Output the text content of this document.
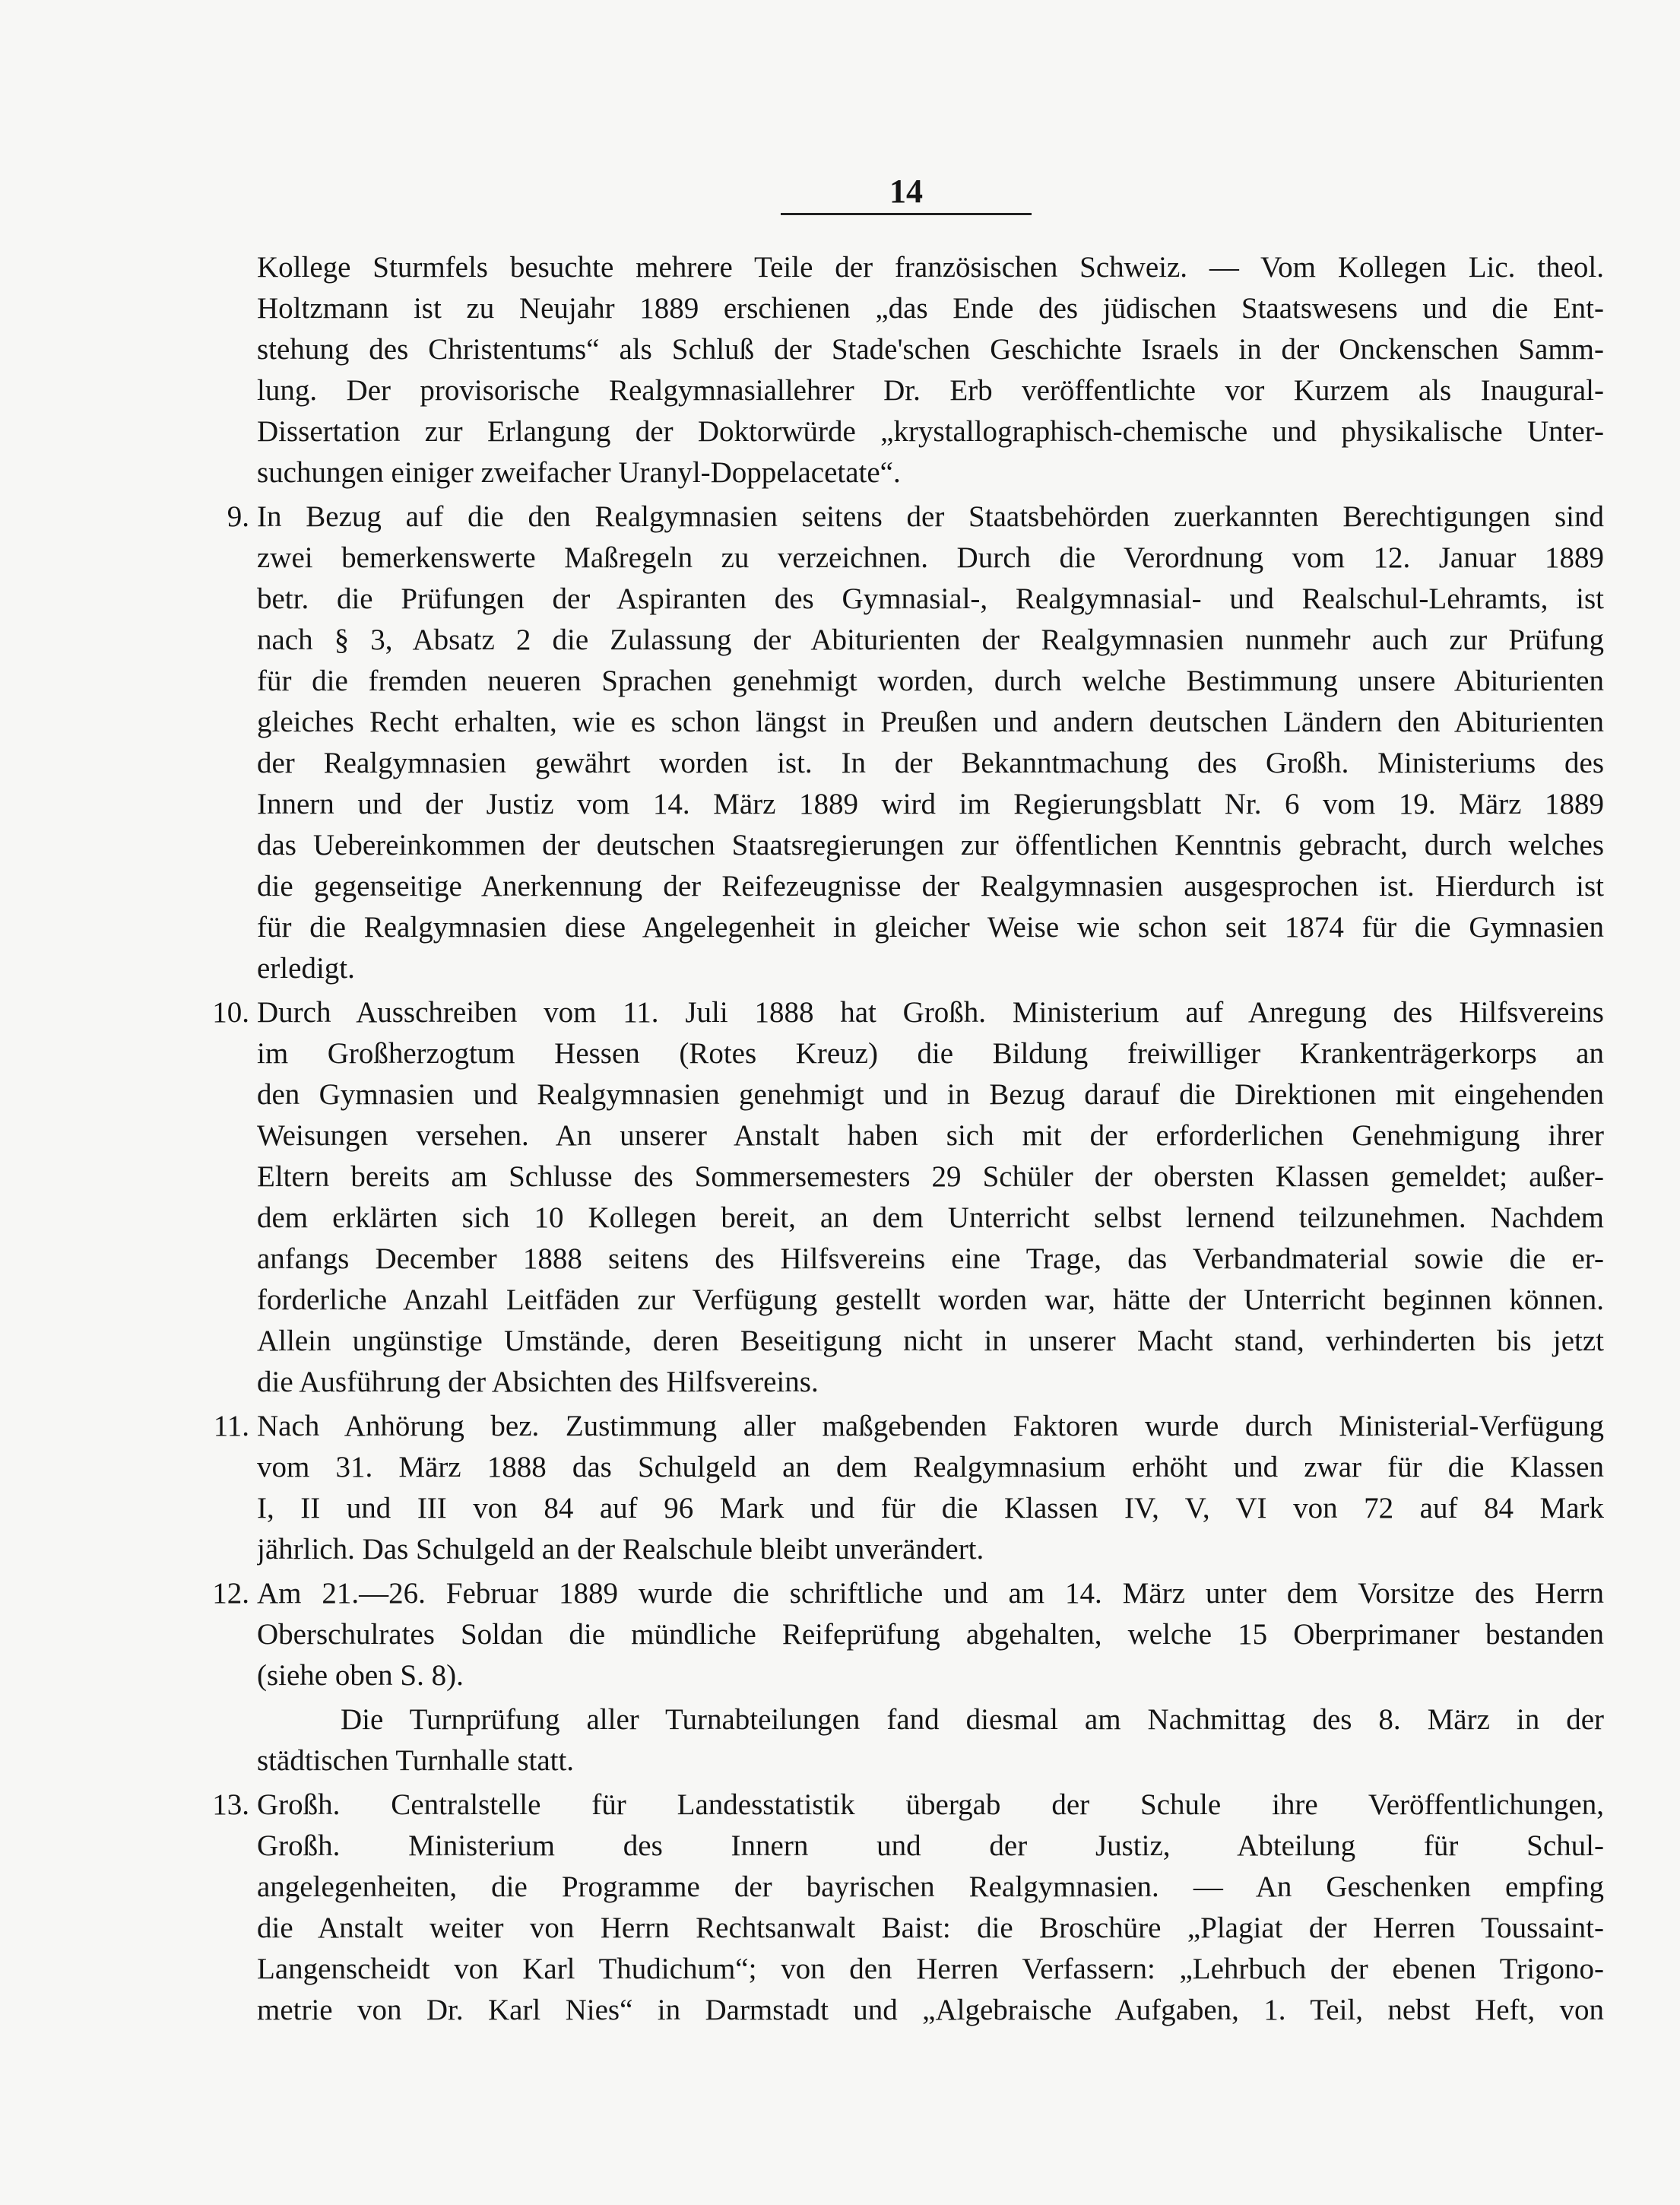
14
Kollege Sturmfels besuchte mehrere Teile der französischen Schweiz. — Vom Kollegen Lic. theol.
Holtzmann ist zu Neujahr 1889 erschienen „das Ende des jüdischen Staatswesens und die Ent-
stehung des Christentums“ als Schluß der Stade'schen Geschichte Israels in der Onckenschen Samm-
lung. Der provisorische Realgymnasiallehrer Dr. Erb veröffentlichte vor Kurzem als Inaugural-
Dissertation zur Erlangung der Doktorwürde „krystallographisch-chemische und physikalische Unter-
suchungen einiger zweifacher Uranyl-Doppelacetate“.
9. In Bezug auf die den Realgymnasien seitens der Staatsbehörden zuerkannten Berechtigungen sind
zwei bemerkenswerte Maßregeln zu verzeichnen. Durch die Verordnung vom 12. Januar 1889
betr. die Prüfungen der Aspiranten des Gymnasial-, Realgymnasial- und Realschul-Lehramts, ist
nach § 3, Absatz 2 die Zulassung der Abiturienten der Realgymnasien nunmehr auch zur Prüfung
für die fremden neueren Sprachen genehmigt worden, durch welche Bestimmung unsere Abiturienten
gleiches Recht erhalten, wie es schon längst in Preußen und andern deutschen Ländern den Abiturienten
der Realgymnasien gewährt worden ist. In der Bekanntmachung des Großh. Ministeriums des
Innern und der Justiz vom 14. März 1889 wird im Regierungsblatt Nr. 6 vom 19. März 1889
das Uebereinkommen der deutschen Staatsregierungen zur öffentlichen Kenntnis gebracht, durch welches
die gegenseitige Anerkennung der Reifezeugnisse der Realgymnasien ausgesprochen ist. Hierdurch ist
für die Realgymnasien diese Angelegenheit in gleicher Weise wie schon seit 1874 für die Gymnasien
erledigt.
10. Durch Ausschreiben vom 11. Juli 1888 hat Großh. Ministerium auf Anregung des Hilfsvereins
im Großherzogtum Hessen (Rotes Kreuz) die Bildung freiwilliger Krankenträgerkorps an
den Gymnasien und Realgymnasien genehmigt und in Bezug darauf die Direktionen mit eingehenden
Weisungen versehen. An unserer Anstalt haben sich mit der erforderlichen Genehmigung ihrer
Eltern bereits am Schlusse des Sommersemesters 29 Schüler der obersten Klassen gemeldet; außer-
dem erklärten sich 10 Kollegen bereit, an dem Unterricht selbst lernend teilzunehmen. Nachdem
anfangs December 1888 seitens des Hilfsvereins eine Trage, das Verbandmaterial sowie die er-
forderliche Anzahl Leitfäden zur Verfügung gestellt worden war, hätte der Unterricht beginnen können.
Allein ungünstige Umstände, deren Beseitigung nicht in unserer Macht stand, verhinderten bis jetzt
die Ausführung der Absichten des Hilfsvereins.
11. Nach Anhörung bez. Zustimmung aller maßgebenden Faktoren wurde durch Ministerial-Verfügung
vom 31. März 1888 das Schulgeld an dem Realgymnasium erhöht und zwar für die Klassen
I, II und III von 84 auf 96 Mark und für die Klassen IV, V, VI von 72 auf 84 Mark
jährlich. Das Schulgeld an der Realschule bleibt unverändert.
12. Am 21.—26. Februar 1889 wurde die schriftliche und am 14. März unter dem Vorsitze des Herrn
Oberschulrates Soldan die mündliche Reifeprüfung abgehalten, welche 15 Oberprimaner bestanden
(siehe oben S. 8).
Die Turnprüfung aller Turnabteilungen fand diesmal am Nachmittag des 8. März in der
städtischen Turnhalle statt.
13. Großh. Centralstelle für Landesstatistik übergab der Schule ihre Veröffentlichungen,
Großh. Ministerium des Innern und der Justiz, Abteilung für Schul-
angelegenheiten, die Programme der bayrischen Realgymnasien. — An Geschenken empfing
die Anstalt weiter von Herrn Rechtsanwalt Baist: die Broschüre „Plagiat der Herren Toussaint-
Langenscheidt von Karl Thudichum“; von den Herren Verfassern: „Lehrbuch der ebenen Trigono-
metrie von Dr. Karl Nies“ in Darmstadt und „Algebraische Aufgaben, 1. Teil, nebst Heft, von
